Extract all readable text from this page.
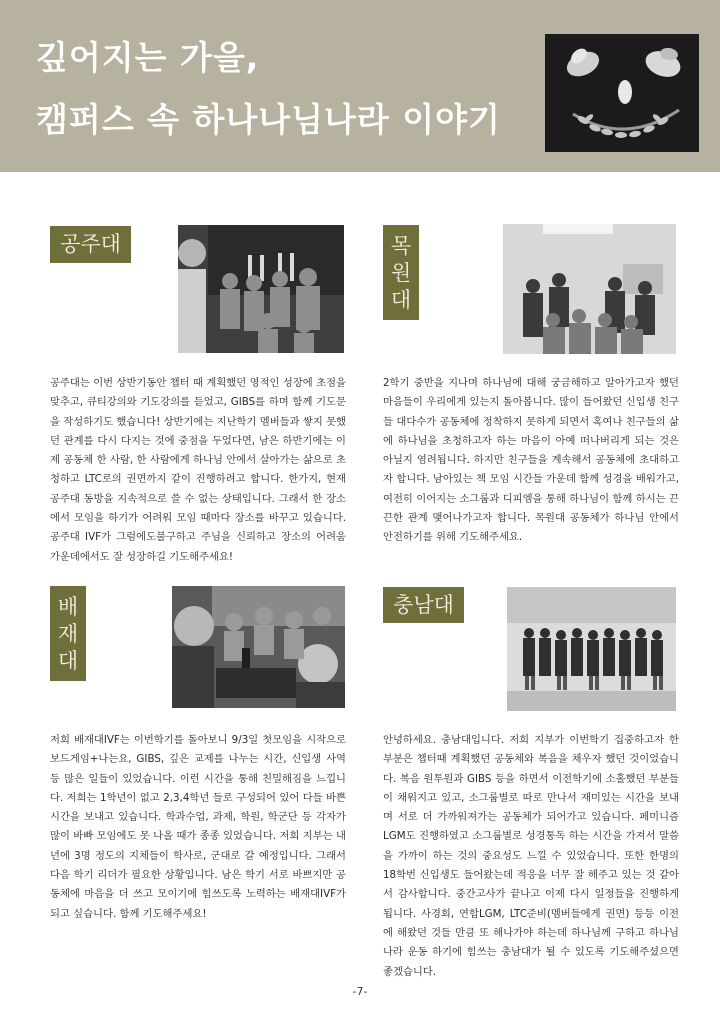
깊어지는 가을,
캠퍼스 속 하나나님나라 이야기
공주대
공주대는 이번 상반기동안 챕터 때 계획했던 영적인 성장에 초점을 맞추고, 큐티강의와 기도강의를 듣었고, GIBS를 하며 함께 기도문을 작성하기도 했습니다! 상반기에는 지난학기 멤버들과 쌓지 못했던 관계를 다시 다지는 것에 중점을 두었다면, 남은 하반기에는 이제 공동체 한 사람, 한 사람에게 하나님 안에서 살아가는 삶으로 초청하고 LTC로의 권면까지 같이 진행하려고 합니다. 한가지, 현재 공주대 동방을 지속적으로 쓸 수 없는 상태입니다. 그래서 한 장소에서 모임을 하기가 어려워 모임 때마다 장소를 바꾸고 있습니다. 공주대 IVF가 그럼에도불구하고 주님을 신뢰하고 장소의 어려움 가운데에서도 잘 성장하길 기도해주세요!
목
원
대
2학기 중반을 지나며 하나님에 대해 궁금해하고 알아가고자 했던 마음들이 우리에게 있는지 돌아봅니다. 많이 들어왔던 신입생 친구들 대다수가 공동체에 정착하지 못하게 되면서 혹여나 친구들의 삶에 하나님을 초청하고자 하는 마음이 아예 떠나버리게 되는 것은 아닐지 염려됩니다. 하지만 친구들을 계속해서 공동체에 초대하고자 합니다. 남아있는 책 모임 시간들 가운데 함께 성경을 배워가고, 여전히 이어지는 소그룹과 디피엠을 통해 하나님이 함께 하시는 끈끈한 관계 맺어나가고자 합니다. 목원대 공동체가 하나님 안에서 안전하기를 위해 기도해주세요.
배
재
대
저희 배재대IVF는 이번학기를 돌아보니 9/3일 첫모임을 시작으로 보드게임+나는요, GIBS, 깊은 교제를 나누는 시간, 신입생 사역 등 많은 일들이 있었습니다. 이런 시간을 통해 친밀해짐을 느낍니다. 저희는 1학년이 없고 2,3,4학년 들로 구성되어 있어 다들 바쁜 시간을 보내고 있습니다. 학과수업, 과제, 학원, 학군단 등 각자가 많이 바빠 모임에도 못 나올 때가 종종 있었습니다. 저희 지부는 내년에 3명 정도의 지체들이 학사로, 군대로 갈 예정입니다. 그래서 다음 학기 리더가 필요한 상황입니다. 남은 학기 서로 바쁘지만 공동체에 마음을 더 쓰고 모이기에 힘쓰도록 노력하는 배재대IVF가 되고 싶습니다. 함께 기도해주세요!
충남대
안녕하세요. 충남대입니다. 저희 지부가 이번학기 집중하고자 한 부분은 챕터때 계획했던 공동체와 복음을 채우자 했던 것이었습니다. 복음 원투원과 GIBS 등을 하면서 이전학기에 소홀했던 부분들이 채워지고 있고, 소그룹별로 따로 만나서 재미있는 시간을 보내며 서로 더 가까워져가는 공동체가 되어가고 있습니다. 페미니즘LGM도 진행하였고 소그룹별로 성경통독 하는 시간을 가져서 말씀을 가까이 하는 것의 중요성도 느낄 수 있었습니다. 또한 한명의 18학번 신입생도 들어왔는데 적응을 너무 잘 해주고 있는 것 같아서 감사합니다. 중간고사가 끝나고 이제 다시 일정들을 진행하게 됩니다. 사경회, 연합LGM, LTC준비(멤버들에게 권면) 등등 이전에 해왔던 것들 만큼 또 해나가야 하는데 하나님께 구하고 하나님나라 운동 하기에 힘쓰는 충남대가 될 수 있도록 기도해주셨으면 좋겠습니다.
-7-
